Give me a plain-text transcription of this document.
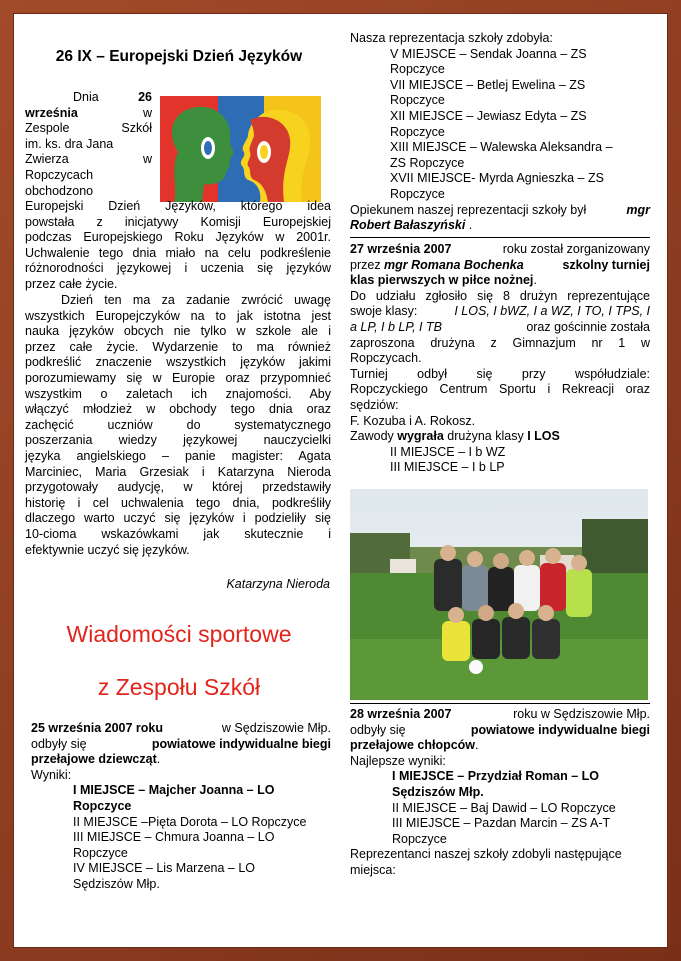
26 IX – Europejski Dzień Języków
Dnia	26
września	w
Zespole	Szkół
im. ks. dra Jana
Zwierza	w
Ropczycach
obchodzono
Europejski Dzień Języków, którego idea
powstała z inicjatywy Komisji Europejskiej
podczas Europejskiego Roku Języków w 2001r.
Uchwalenie tego dnia miało na celu podkreślenie
różnorodności językowej i uczenia się języków
przez całe życie.
Dzień ten ma za zadanie zwrócić uwagę
wszystkich Europejczyków na to jak istotna jest
nauka języków obcych nie tylko w szkole ale i
przez całe życie. Wydarzenie to ma również
podkreślić znaczenie wszystkich języków jakimi
porozumiewamy się w Europie oraz przypomnieć
wszystkim o zaletach ich znajomości. Aby
włączyć młodzież w obchody tego dnia oraz
zachęcić uczniów do systematycznego
poszerzania wiedzy językowej nauczycielki
języka angielskiego – panie magister: Agata
Marciniec, Maria Grzesiak i Katarzyna Nieroda
przygotowały audycję, w której przedstawiły
historię i cel uchwalenia tego dnia, podkreśliły
dlaczego warto uczyć się języków i podzieliły się
10-cioma wskazówkami jak skutecznie i
efektywnie uczyć się języków.
Katarzyna Nieroda
Wiadomości sportowe
z Zespołu Szkół
25 września 2007 roku	w Sędziszowie Młp.
odbyły się	powiatowe indywidualne biegi
przełajowe dziewcząt.
Wyniki:
I MIEJSCE – Majcher Joanna – LO
Ropczyce
II MIEJSCE –Pięta Dorota – LO Ropczyce
III MIEJSCE – Chmura Joanna – LO
Ropczyce
IV MIEJSCE – Lis Marzena – LO
Sędziszów Młp.
Nasza reprezentacja szkoły zdobyła:
V MIEJSCE – Sendak Joanna – ZS
Ropczyce
VII MIEJSCE – Betlej Ewelina – ZS
Ropczyce
XII MIEJSCE – Jewiasz Edyta – ZS
Ropczyce
XIII MIEJSCE – Walewska Aleksandra –
ZS Ropczyce
XVII MIEJSCE- Myrda Agnieszka – ZS
Ropczyce
Opiekunem naszej reprezentacji szkoły był	mgr
Robert Bałaszyński .
27 września 2007	roku został zorganizowany
przez mgr Romana Bochenka	szkolny turniej
klas pierwszych w piłce nożnej.
Do udziału zgłosiło się 8 drużyn reprezentujące
swoje klasy:	I LOS, I bWZ, I a WZ, I TO, I TPS, I
a LP, I b LP, I TB	oraz gościnnie została
zaproszona drużyna z Gimnazjum nr 1 w
Ropczycach.
Turniej odbył się przy współudziale:
Ropczyckiego Centrum Sportu i Rekreacji oraz
sędziów:
F. Kozuba i A. Rokosz.
Zawody wygrała drużyna klasy I LOS
II MIEJSCE – I b WZ
III MIEJSCE – I b LP
28 września 2007	roku w Sędziszowie Młp.
odbyły się	powiatowe indywidualne biegi
przełajowe chłopców.
Najlepsze wyniki:
I MIEJSCE – Przydział Roman – LO
Sędziszów Młp.
II MIEJSCE – Baj Dawid – LO Ropczyce
III MIEJSCE – Pazdan Marcin – ZS A-T
Ropczyce
Reprezentanci naszej szkoły zdobyli następujące
miejsca:
